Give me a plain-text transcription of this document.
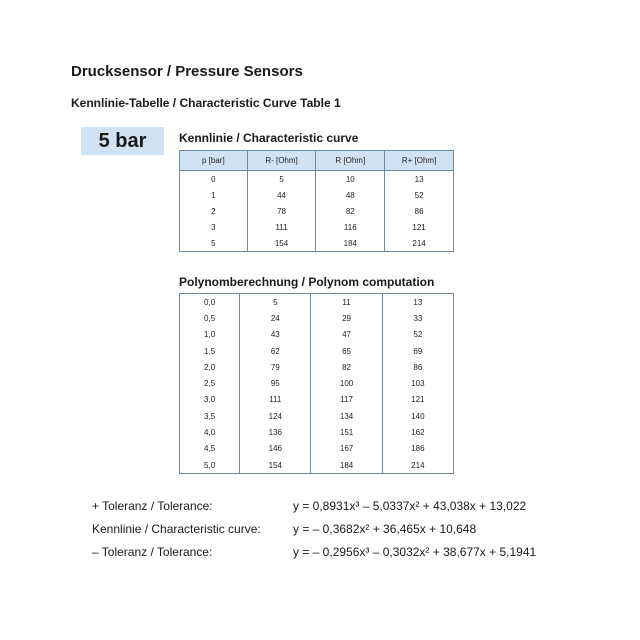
Drucksensor / Pressure Sensors
Kennlinie-Tabelle / Characteristic Curve Table 1
5 bar	Kennlinie / Characteristic curve
p [bar]	R- [Ohm]	R [Ohm]	R+ [Ohm]
0	5	10	13
1	44	48	52
2	78	82	86
3	111	116	121
5	154	184	214
Polynomberechnung / Polynom computation
0,0	5	11	13
0,5	24	29	33
1,0	43	47	52
1,5	62	65	69
2,0	79	82	86
2,5	95	100	103
3,0	111	117	121
3,5	124	134	140
4,0	136	151	162
4,5	146	167	186
5,0	154	184	214
+ Toleranz / Tolerance:	y = 0,8931x³ – 5,0337x² + 43,038x + 13,022
Kennlinie / Characteristic curve:	y = – 0,3682x² + 36,465x + 10,648
– Toleranz / Tolerance:	y = – 0,2956x³ – 0,3032x² + 38,677x + 5,1941
